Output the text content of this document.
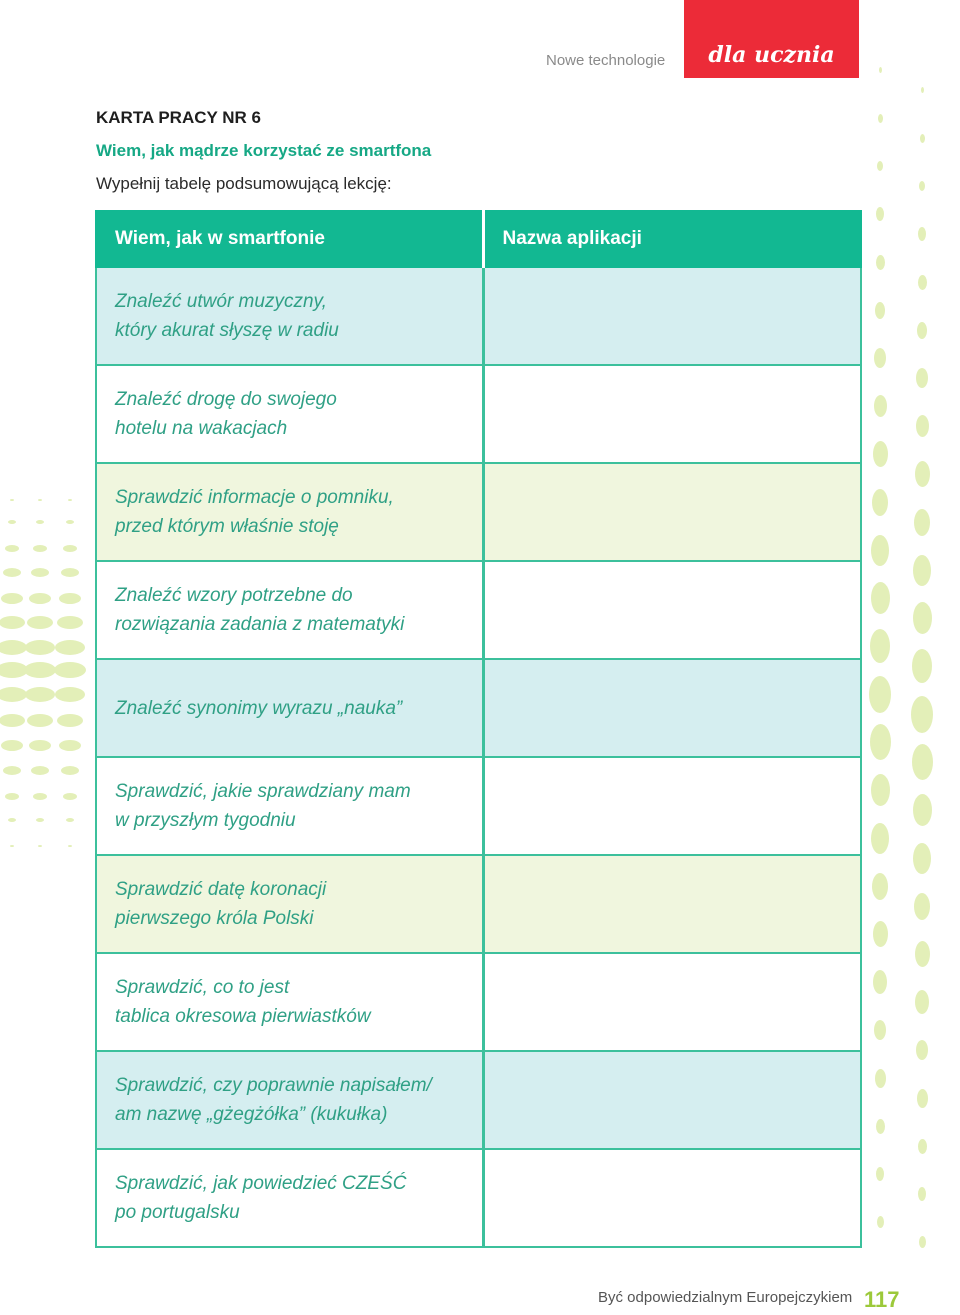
Nowe technologie	dla ucznia
KARTA PRACY NR 6
Wiem, jak mądrze korzystać ze smartfona
Wypełnij tabelę podsumowującą lekcję:
Wiem, jak w smartfonie	Nazwa aplikacji
Znaleźć utwór muzyczny,
który akurat słyszę w radiu	
Znaleźć drogę do swojego
hotelu na wakacjach	
Sprawdzić informacje o pomniku,
przed którym właśnie stoję	
Znaleźć wzory potrzebne do
rozwiązania zadania z matematyki	
Znaleźć synonimy wyrazu „nauka”	
Sprawdzić, jakie sprawdziany mam
w przyszłym tygodniu	
Sprawdzić datę koronacji
pierwszego króla Polski	
Sprawdzić, co to jest
tablica okresowa pierwiastków	
Sprawdzić, czy poprawnie napisałem/
am nazwę „gżegżółka” (kukułka)	
Sprawdzić, jak powiedzieć CZEŚĆ
po portugalsku	
Być odpowiedzialnym Europejczykiem 117
